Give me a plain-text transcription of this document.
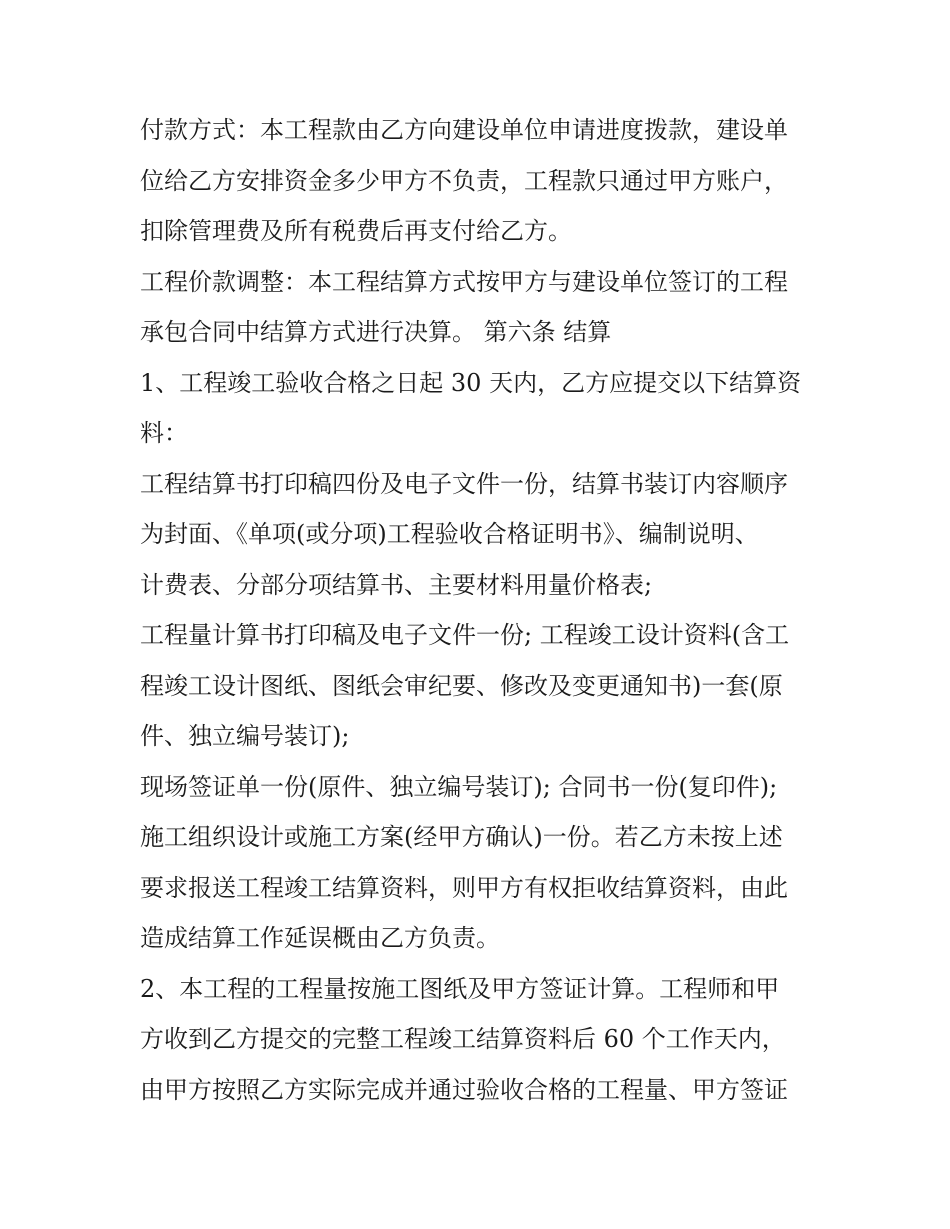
付款方式：本工程款由乙方向建设单位申请进度拨款，建设单

位给乙方安排资金多少甲方不负责，工程款只通过甲方账户，

扣除管理费及所有税费后再支付给乙方。

工程价款调整：本工程结算方式按甲方与建设单位签订的工程

承包合同中结算方式进行决算。 第六条 结算

1、工程竣工验收合格之日起 30 天内，乙方应提交以下结算资

料：

工程结算书打印稿四份及电子文件一份，结算书装订内容顺序

为封面、《单项(或分项)工程验收合格证明书》、编制说明、

计费表、分部分项结算书、主要材料用量价格表;

工程量计算书打印稿及电子文件一份; 工程竣工设计资料(含工

程竣工设计图纸、图纸会审纪要、修改及变更通知书)一套(原

件、独立编号装订);

现场签证单一份(原件、独立编号装订); 合同书一份(复印件);

施工组织设计或施工方案(经甲方确认)一份。若乙方未按上述

要求报送工程竣工结算资料，则甲方有权拒收结算资料，由此

造成结算工作延误概由乙方负责。

2、本工程的工程量按施工图纸及甲方签证计算。工程师和甲

方收到乙方提交的完整工程竣工结算资料后 60 个工作天内，

由甲方按照乙方实际完成并通过验收合格的工程量、甲方签证
